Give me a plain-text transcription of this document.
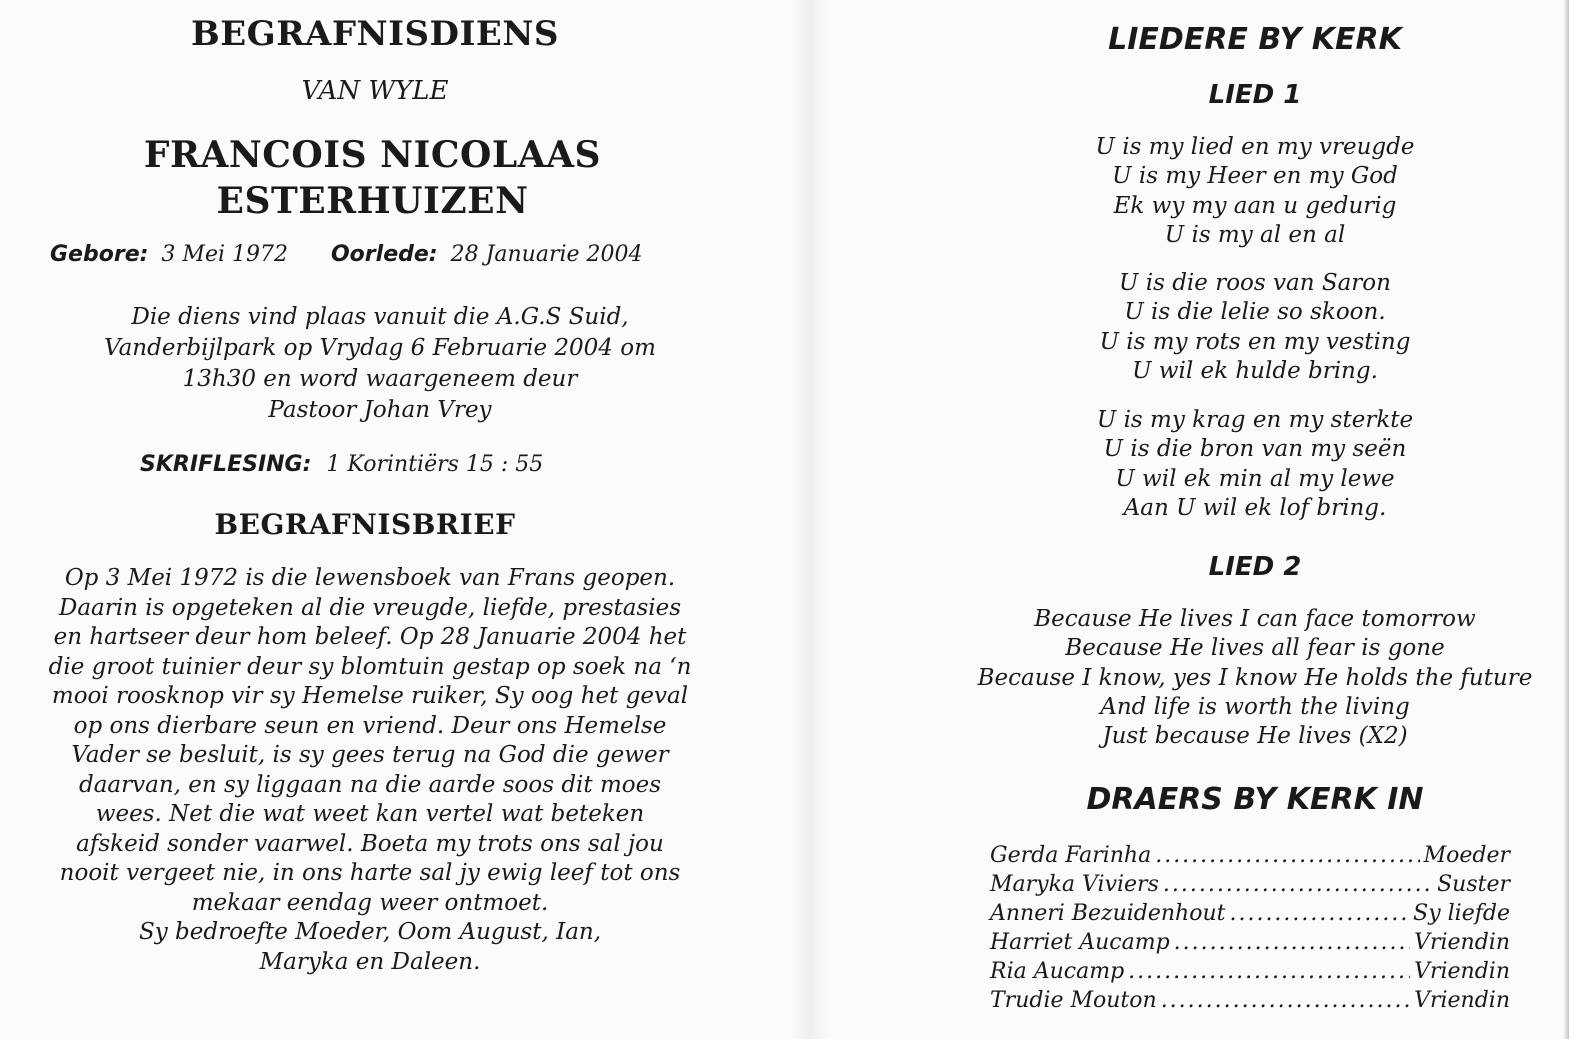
BEGRAFNISDIENS
VAN WYLE
FRANCOIS NICOLAAS
ESTERHUIZEN
Gebore: 3 Mei 1972 Oorlede: 28 Januarie 2004
Die diens vind plaas vanuit die A.G.S Suid,
Vanderbijlpark op Vrydag 6 Februarie 2004 om
13h30 en word waargeneem deur
Pastoor Johan Vrey
SKRIFLESING: 1 Korintiërs 15 : 55
BEGRAFNISBRIEF
Op 3 Mei 1972 is die lewensboek van Frans geopen.
Daarin is opgeteken al die vreugde, liefde, prestasies
en hartseer deur hom beleef. Op 28 Januarie 2004 het
die groot tuinier deur sy blomtuin gestap op soek na ‘n
mooi roosknop vir sy Hemelse ruiker, Sy oog het geval
op ons dierbare seun en vriend. Deur ons Hemelse
Vader se besluit, is sy gees terug na God die gewer
daarvan, en sy liggaan na die aarde soos dit moes
wees. Net die wat weet kan vertel wat beteken
afskeid sonder vaarwel. Boeta my trots ons sal jou
nooit vergeet nie, in ons harte sal jy ewig leef tot ons
mekaar eendag weer ontmoet.
Sy bedroefte Moeder, Oom August, Ian,
Maryka en Daleen.
LIEDERE BY KERK
LIED 1
U is my lied en my vreugde
U is my Heer en my God
Ek wy my aan u gedurig
U is my al en al
U is die roos van Saron
U is die lelie so skoon.
U is my rots en my vesting
U wil ek hulde bring.
U is my krag en my sterkte
U is die bron van my seën
U wil ek min al my lewe
Aan U wil ek lof bring.
LIED 2
Because He lives I can face tomorrow
Because He lives all fear is gone
Because I know, yes I know He holds the future
And life is worth the living
Just because He lives (X2)
DRAERS BY KERK IN
Gerda Farinha .....	Moeder
Maryka Viviers .....	Suster
Anneri Bezuidenhout .....	Sy liefde
Harriet Aucamp .....	Vriendin
Ria Aucamp .....	Vriendin
Trudie Mouton .....	Vriendin
